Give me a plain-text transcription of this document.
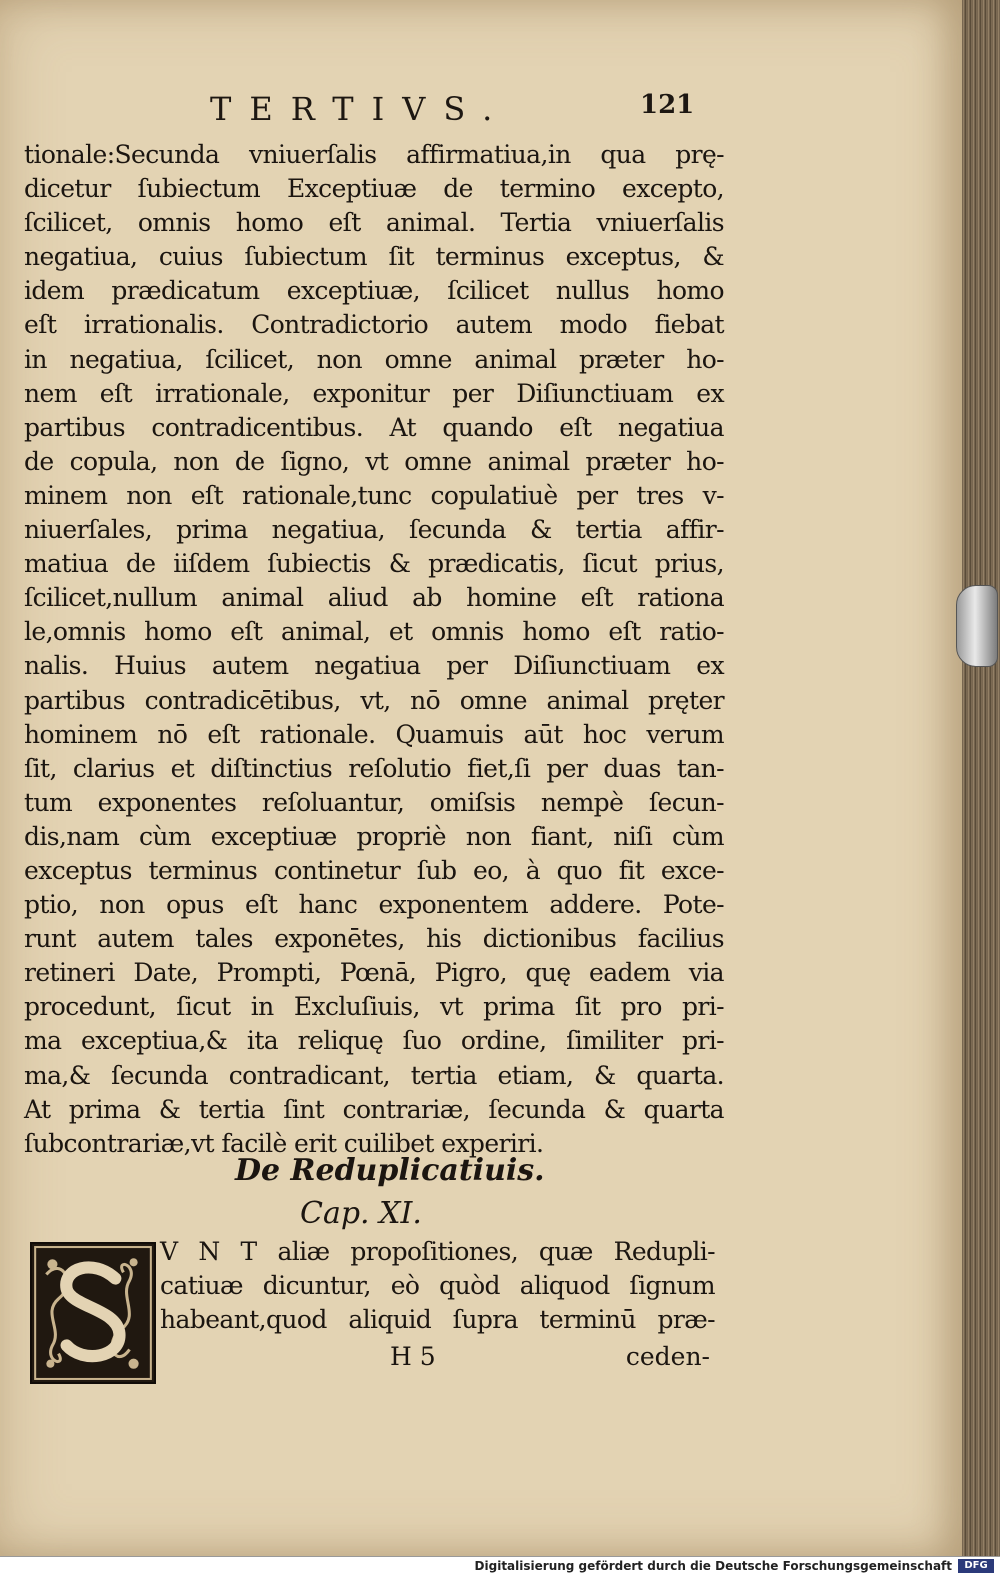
TERTIVS.	121
tionale:Secunda vniuerſalis affirmatiua,in qua prę-
dicetur ſubiectum Exceptiuæ de termino excepto,
ſcilicet, omnis homo eſt animal. Tertia vniuerſalis
negatiua, cuius ſubiectum ſit terminus exceptus, &
idem prædicatum exceptiuæ, ſcilicet nullus homo
eſt irrationalis. Contradictorio autem modo fiebat
in negatiua, ſcilicet, non omne animal præter ho-
nem eſt irrationale, exponitur per Diſiunctiuam ex
partibus contradicentibus. At quando eſt negatiua
de copula, non de ſigno, vt omne animal præter ho-
minem non eſt rationale,tunc copulatiuè per tres v-
niuerſales, prima negatiua, ſecunda & tertia affir-
matiua de iiſdem ſubiectis & prædicatis, ſicut prius,
ſcilicet,nullum animal aliud ab homine eſt rationa
le,omnis homo eſt animal, et omnis homo eſt ratio-
nalis. Huius autem negatiua per Diſiunctiuam ex
partibus contradicētibus, vt, nō omne animal pręter
hominem nō eſt rationale. Quamuis aūt hoc verum
ſit, clarius et diſtinctius reſolutio fiet,ſi per duas tan-
tum exponentes reſoluantur, omiſsis nempè ſecun-
dis,nam cùm exceptiuæ propriè non fiant, niſi cùm
exceptus terminus continetur ſub eo, à quo fit exce-
ptio, non opus eſt hanc exponentem addere. Pote-
runt autem tales exponētes, his dictionibus facilius
retineri Date, Prompti, Pœnā, Pigro, quę eadem via
procedunt, ſicut in Excluſiuis, vt prima ſit pro pri-
ma exceptiua,& ita reliquę ſuo ordine, ſimiliter pri-
ma,& ſecunda contradicant, tertia etiam, & quarta.
At prima & tertia ſint contrariæ, ſecunda & quarta
ſubcontrariæ,vt facilè erit cuilibet experiri.
De Reduplicatiuis.
Cap. XI.
V N T aliæ propoſitiones, quæ Redupli-
catiuæ dicuntur, eò quòd aliquod ſignum
habeant,quod aliquid ſupra terminū præ-
H 5	ceden-
Digitalisierung gefördert durch die Deutsche Forschungsgemeinschaft	DFG
